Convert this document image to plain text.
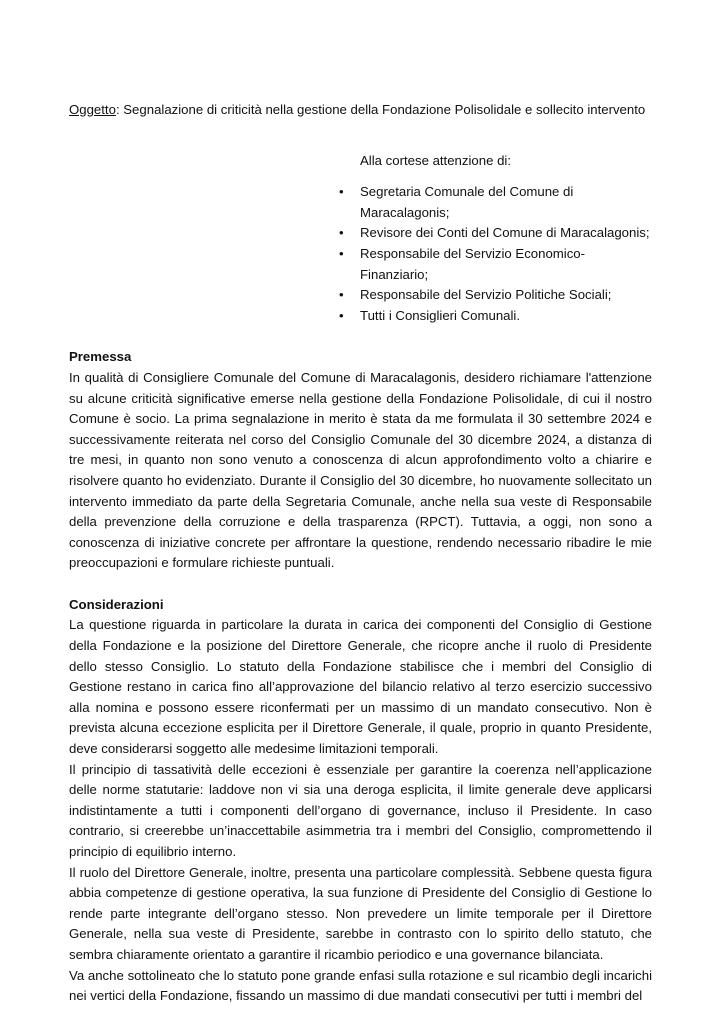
Oggetto: Segnalazione di criticità nella gestione della Fondazione Polisolidale e sollecito intervento

Alla cortese attenzione di:

• Segretaria Comunale del Comune di Maracalagonis;
• Revisore dei Conti del Comune di Maracalagonis;
• Responsabile del Servizio Economico-Finanziario;
• Responsabile del Servizio Politiche Sociali;
• Tutti i Consiglieri Comunali.

Premessa

In qualità di Consigliere Comunale del Comune di Maracalagonis, desidero richiamare l'attenzione su alcune criticità significative emerse nella gestione della Fondazione Polisolidale, di cui il nostro Comune è socio. La prima segnalazione in merito è stata da me formulata il 30 settembre 2024 e successivamente reiterata nel corso del Consiglio Comunale del 30 dicembre 2024, a distanza di tre mesi, in quanto non sono venuto a conoscenza di alcun approfondimento volto a chiarire e risolvere quanto ho evidenziato. Durante il Consiglio del 30 dicembre, ho nuovamente sollecitato un intervento immediato da parte della Segretaria Comunale, anche nella sua veste di Responsabile della prevenzione della corruzione e della trasparenza (RPCT). Tuttavia, a oggi, non sono a conoscenza di iniziative concrete per affrontare la questione, rendendo necessario ribadire le mie preoccupazioni e formulare richieste puntuali.

Considerazioni

La questione riguarda in particolare la durata in carica dei componenti del Consiglio di Gestione della Fondazione e la posizione del Direttore Generale, che ricopre anche il ruolo di Presidente dello stesso Consiglio. Lo statuto della Fondazione stabilisce che i membri del Consiglio di Gestione restano in carica fino all’approvazione del bilancio relativo al terzo esercizio successivo alla nomina e possono essere riconfermati per un massimo di un mandato consecutivo. Non è prevista alcuna eccezione esplicita per il Direttore Generale, il quale, proprio in quanto Presidente, deve considerarsi soggetto alle medesime limitazioni temporali.

Il principio di tassatività delle eccezioni è essenziale per garantire la coerenza nell’applicazione delle norme statutarie: laddove non vi sia una deroga esplicita, il limite generale deve applicarsi indistintamente a tutti i componenti dell’organo di governance, incluso il Presidente. In caso contrario, si creerebbe un’inaccettabile asimmetria tra i membri del Consiglio, compromettendo il principio di equilibrio interno.

Il ruolo del Direttore Generale, inoltre, presenta una particolare complessità. Sebbene questa figura abbia competenze di gestione operativa, la sua funzione di Presidente del Consiglio di Gestione lo rende parte integrante dell’organo stesso. Non prevedere un limite temporale per il Direttore Generale, nella sua veste di Presidente, sarebbe in contrasto con lo spirito dello statuto, che sembra chiaramente orientato a garantire il ricambio periodico e una governance bilanciata.

Va anche sottolineato che lo statuto pone grande enfasi sulla rotazione e sul ricambio degli incarichi nei vertici della Fondazione, fissando un massimo di due mandati consecutivi per tutti i membri del
